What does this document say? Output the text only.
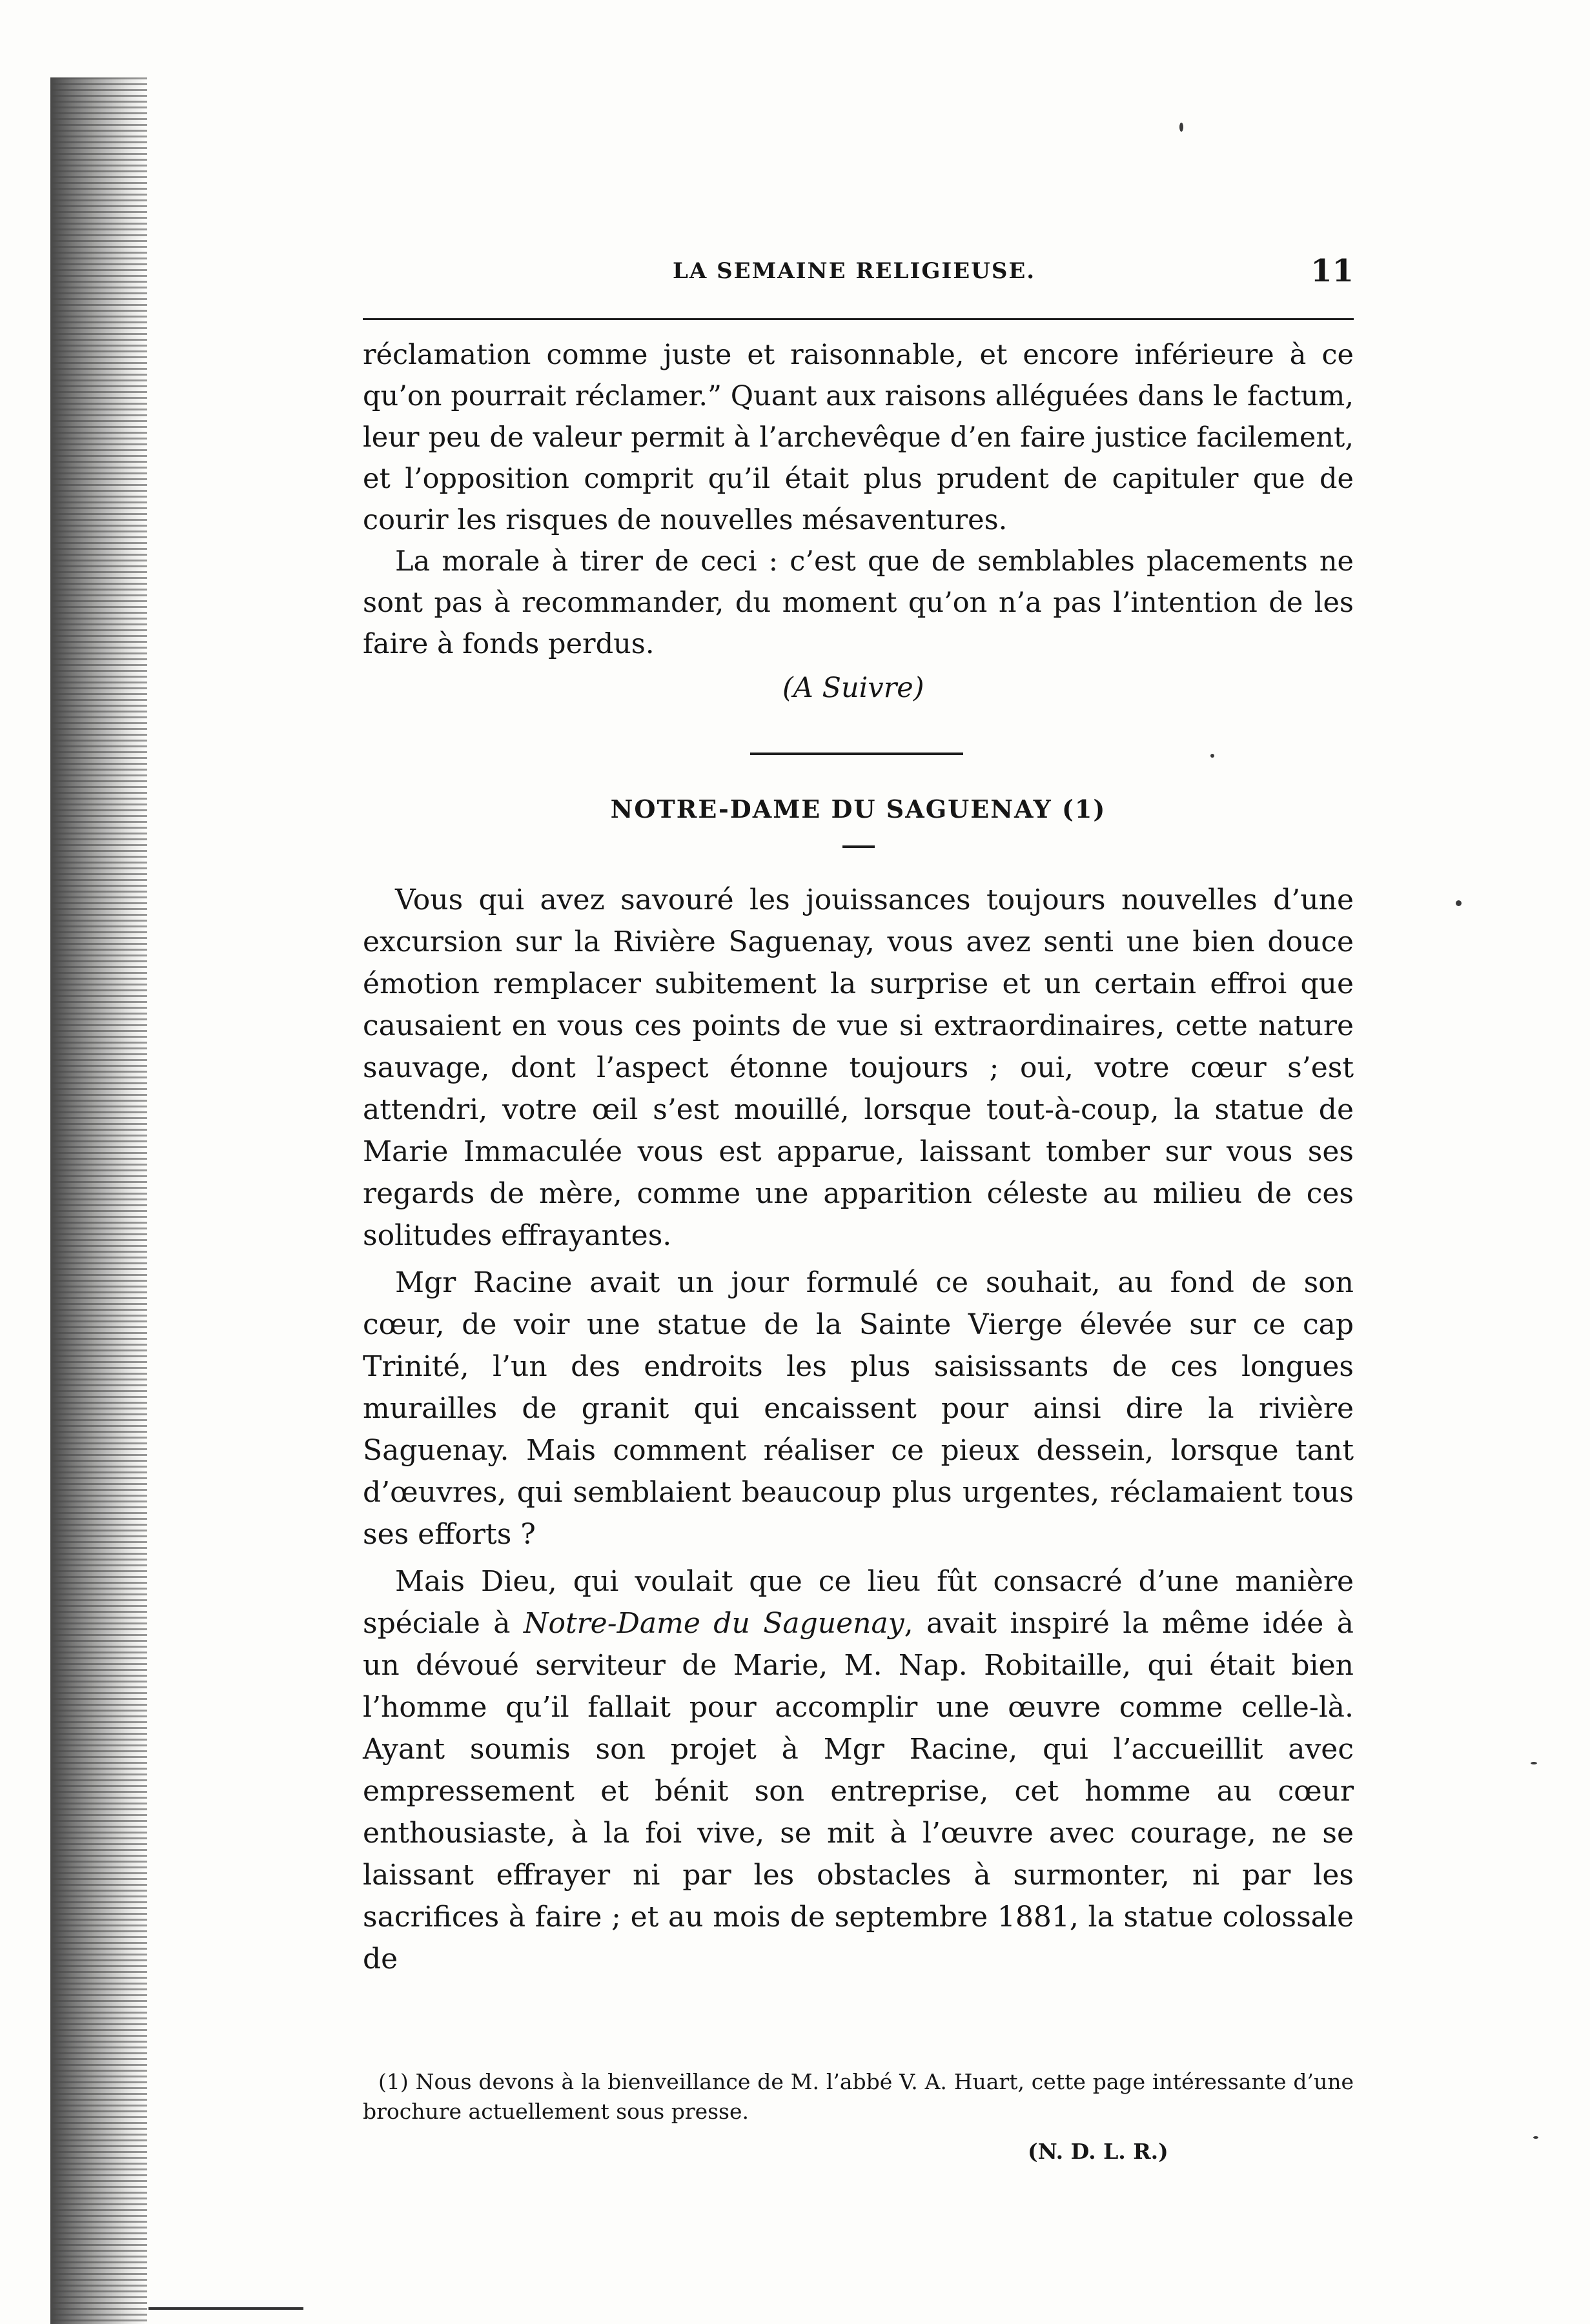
LA SEMAINE RELIGIEUSE.	11

réclamation comme juste et raisonnable, et encore inférieure à ce qu’on pourrait réclamer.” Quant aux raisons alléguées dans le factum, leur peu de valeur permit à l’archevêque d’en faire justice facilement, et l’opposition comprit qu’il était plus prudent de capituler que de courir les risques de nouvelles mésaventures.

La morale à tirer de ceci : c’est que de semblables placements ne sont pas à recommander, du moment qu’on n’a pas l’intention de les faire à fonds perdus.

(A Suivre)

NOTRE-DAME DU SAGUENAY (1)

Vous qui avez savouré les jouissances toujours nouvelles d’une excursion sur la Rivière Saguenay, vous avez senti une bien douce émotion remplacer subitement la surprise et un certain effroi que causaient en vous ces points de vue si extraordinaires, cette nature sauvage, dont l’aspect étonne toujours ; oui, votre cœur s’est attendri, votre œil s’est mouillé, lorsque tout-à-coup, la statue de Marie Immaculée vous est apparue, laissant tomber sur vous ses regards de mère, comme une apparition céleste au milieu de ces solitudes effrayantes.

Mgr Racine avait un jour formulé ce souhait, au fond de son cœur, de voir une statue de la Sainte Vierge élevée sur ce cap Trinité, l’un des endroits les plus saisissants de ces longues murailles de granit qui encaissent pour ainsi dire la rivière Saguenay. Mais comment réaliser ce pieux dessein, lorsque tant d’œuvres, qui semblaient beaucoup plus urgentes, réclamaient tous ses efforts ?

Mais Dieu, qui voulait que ce lieu fût consacré d’une manière spéciale à Notre-Dame du Saguenay, avait inspiré la même idée à un dévoué serviteur de Marie, M. Nap. Robitaille, qui était bien l’homme qu’il fallait pour accomplir une œuvre comme celle-là. Ayant soumis son projet à Mgr Racine, qui l’accueillit avec empressement et bénit son entreprise, cet homme au cœur enthousiaste, à la foi vive, se mit à l’œuvre avec courage, ne se laissant effrayer ni par les obstacles à surmonter, ni par les sacrifices à faire ; et au mois de septembre 1881, la statue colossale de

(1) Nous devons à la bienveillance de M. l’abbé V. A. Huart, cette page intéressante d’une brochure actuellement sous presse.

(N. D. L. R.)
